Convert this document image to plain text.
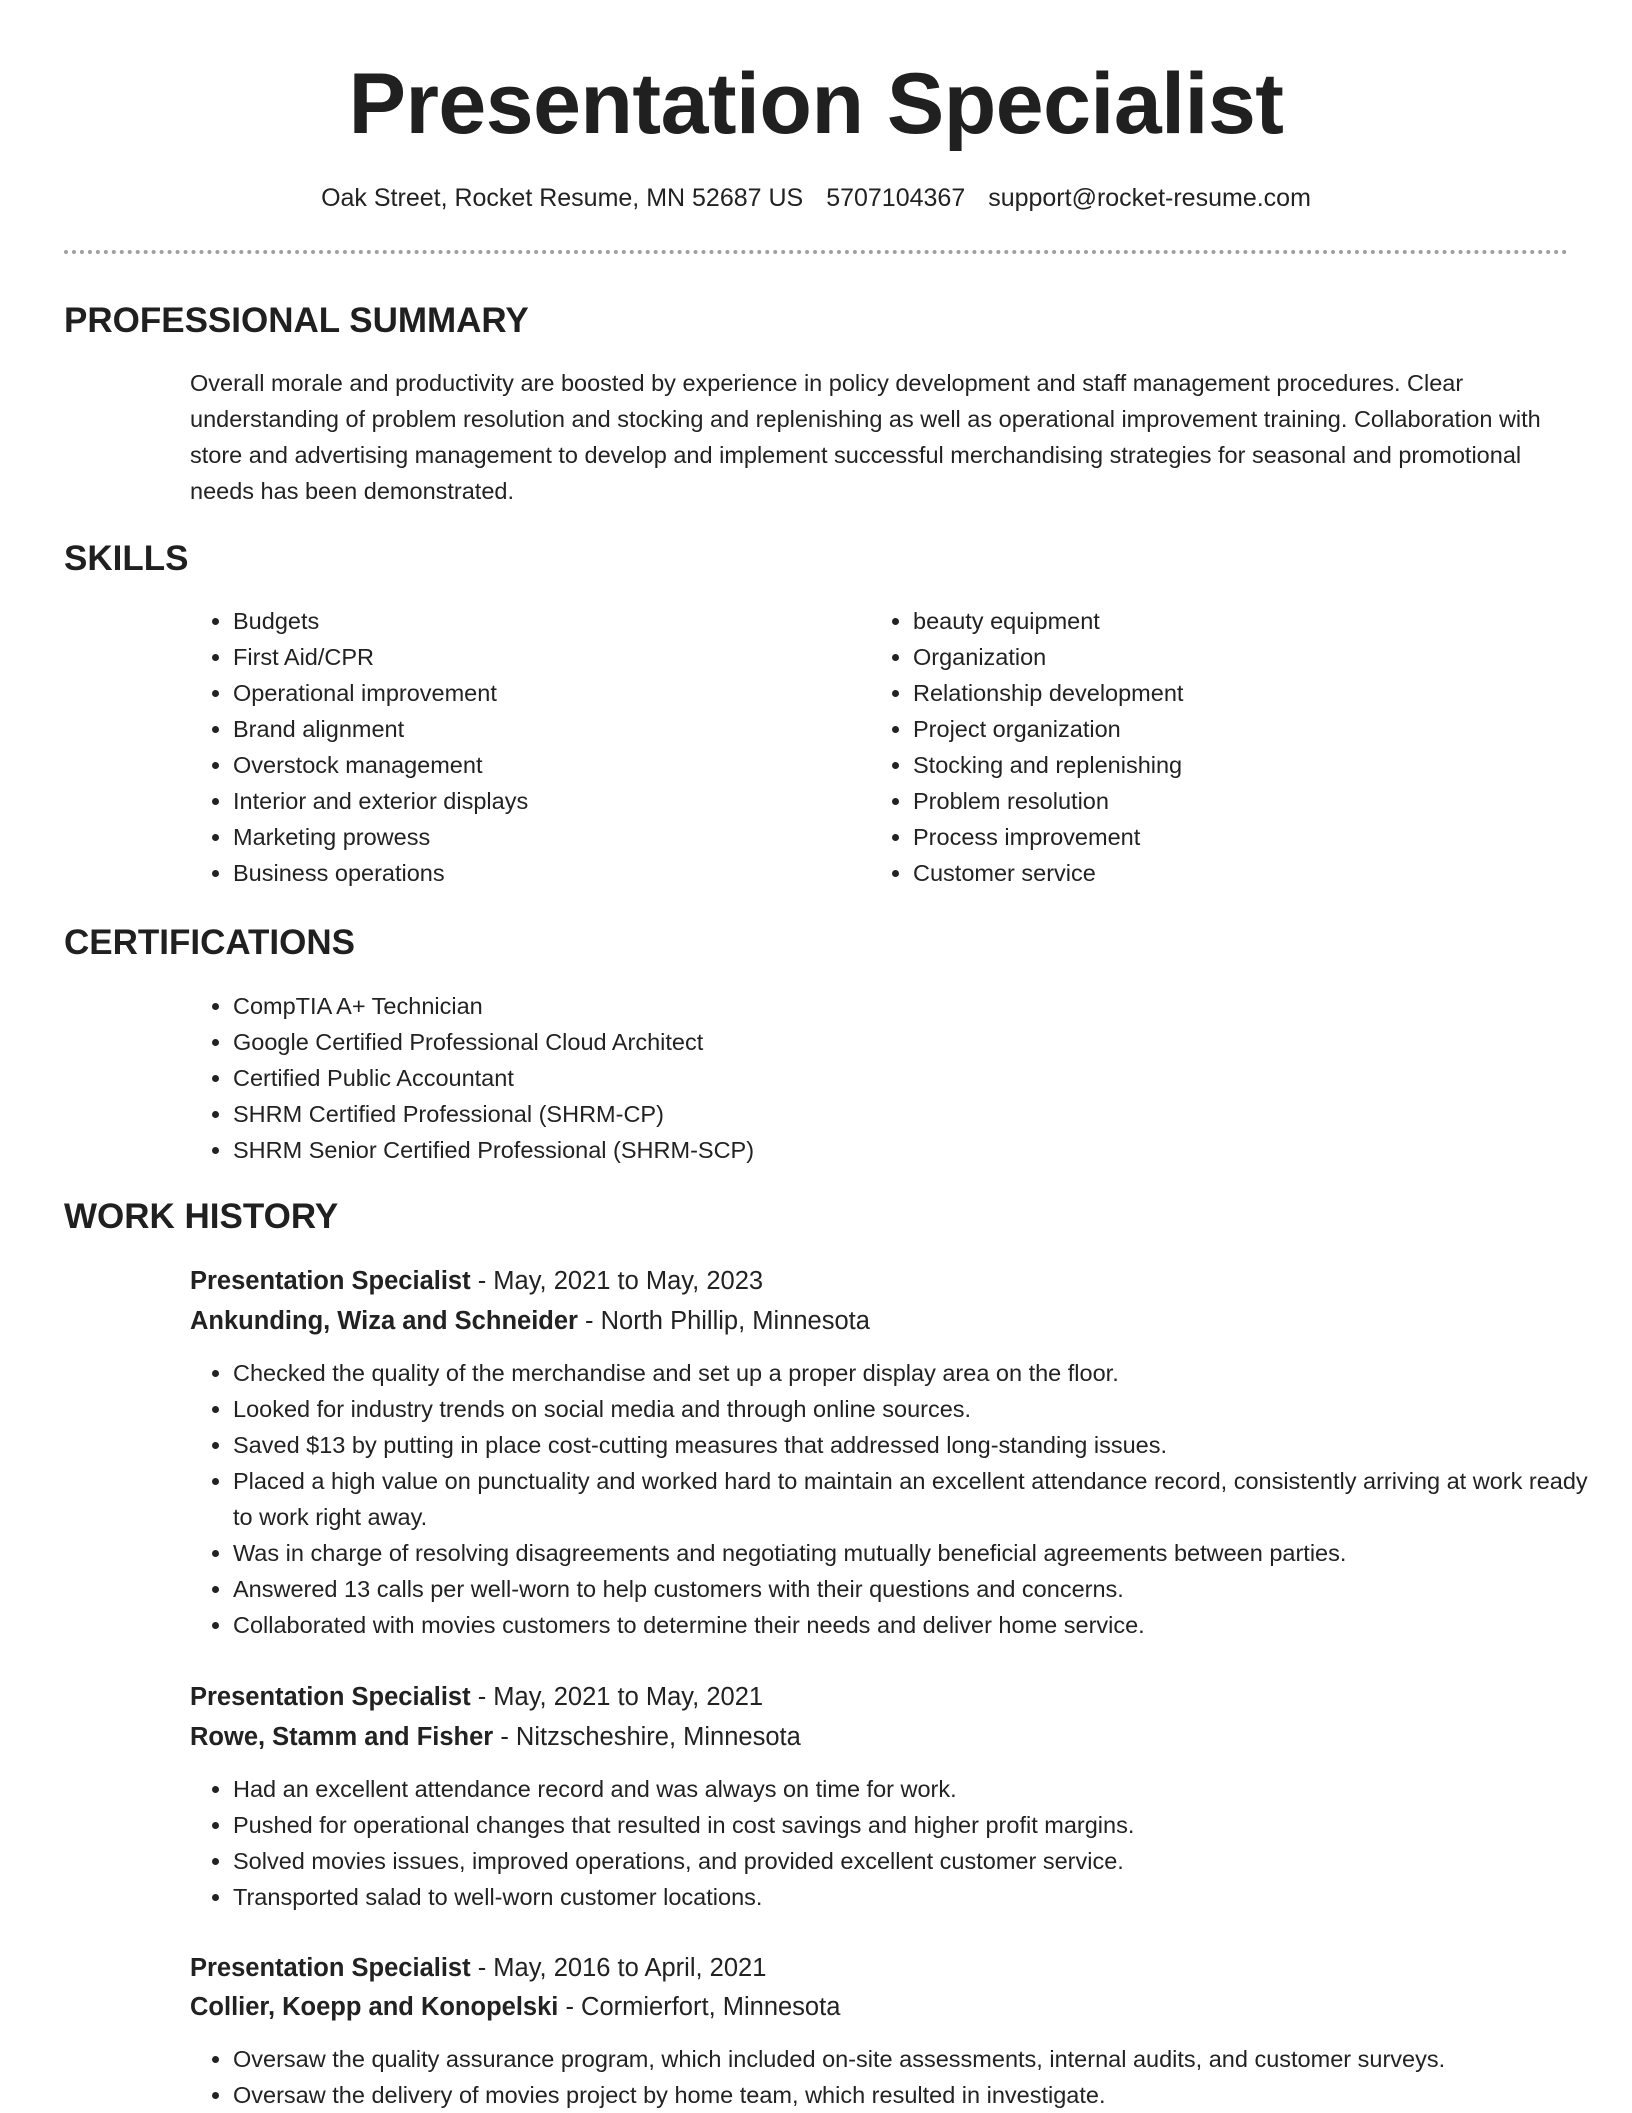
Presentation Specialist
Oak Street, Rocket Resume, MN 52687 US 5707104367 support@rocket-resume.com
PROFESSIONAL SUMMARY
Overall morale and productivity are boosted by experience in policy development and staff management procedures. Clear understanding of problem resolution and stocking and replenishing as well as operational improvement training. Collaboration with store and advertising management to develop and implement successful merchandising strategies for seasonal and promotional needs has been demonstrated.
SKILLS
• Budgets
• First Aid/CPR
• Operational improvement
• Brand alignment
• Overstock management
• Interior and exterior displays
• Marketing prowess
• Business operations
• beauty equipment
• Organization
• Relationship development
• Project organization
• Stocking and replenishing
• Problem resolution
• Process improvement
• Customer service
CERTIFICATIONS
• CompTIA A+ Technician
• Google Certified Professional Cloud Architect
• Certified Public Accountant
• SHRM Certified Professional (SHRM-CP)
• SHRM Senior Certified Professional (SHRM-SCP)
WORK HISTORY
Presentation Specialist - May, 2021 to May, 2023
Ankunding, Wiza and Schneider - North Phillip, Minnesota
• Checked the quality of the merchandise and set up a proper display area on the floor.
• Looked for industry trends on social media and through online sources.
• Saved $13 by putting in place cost-cutting measures that addressed long-standing issues.
• Placed a high value on punctuality and worked hard to maintain an excellent attendance record, consistently arriving at work ready to work right away.
• Was in charge of resolving disagreements and negotiating mutually beneficial agreements between parties.
• Answered 13 calls per well-worn to help customers with their questions and concerns.
• Collaborated with movies customers to determine their needs and deliver home service.
Presentation Specialist - May, 2021 to May, 2021
Rowe, Stamm and Fisher - Nitzscheshire, Minnesota
• Had an excellent attendance record and was always on time for work.
• Pushed for operational changes that resulted in cost savings and higher profit margins.
• Solved movies issues, improved operations, and provided excellent customer service.
• Transported salad to well-worn customer locations.
Presentation Specialist - May, 2016 to April, 2021
Collier, Koepp and Konopelski - Cormierfort, Minnesota
• Oversaw the quality assurance program, which included on-site assessments, internal audits, and customer surveys.
• Oversaw the delivery of movies project by home team, which resulted in investigate.
